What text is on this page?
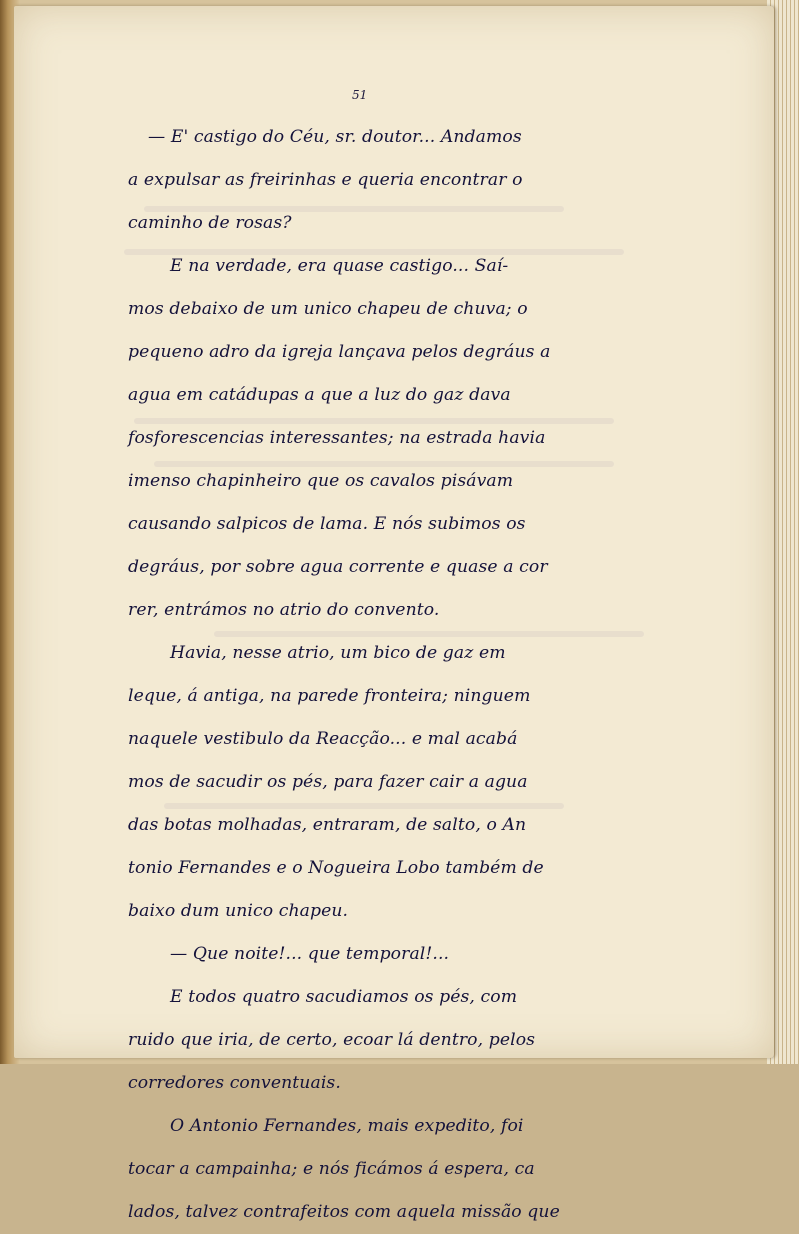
51

— E' castigo do Céu, sr. doutor... Andamos
a expulsar as freirinhas e queria encontrar o
caminho de rosas?
E na verdade, era quase castigo... Saí-
mos debaixo de um unico chapeu de chuva; o
pequeno adro da igreja lançava pelos degráus a
agua em catádupas a que a luz do gaz dava
fosforescencias interessantes; na estrada havia
imenso chapinheiro que os cavalos pisávam
causando salpicos de lama. E nós subimos os
degráus, por sobre agua corrente e quase a cor
rer, entrámos no atrio do convento.
Havia, nesse atrio, um bico de gaz em
leque, á antiga, na parede fronteira; ninguem
naquele vestibulo da Reacção... e mal acabá
mos de sacudir os pés, para fazer cair a agua
das botas molhadas, entraram, de salto, o An
tonio Fernandes e o Nogueira Lobo também de
baixo dum unico chapeu.
— Que noite!... que temporal!...
E todos quatro sacudiamos os pés, com
ruido que iria, de certo, ecoar lá dentro, pelos
corredores conventuais.
O Antonio Fernandes, mais expedito, foi
tocar a campainha; e nós ficámos á espera, ca
lados, talvez contrafeitos com aquela missão que
